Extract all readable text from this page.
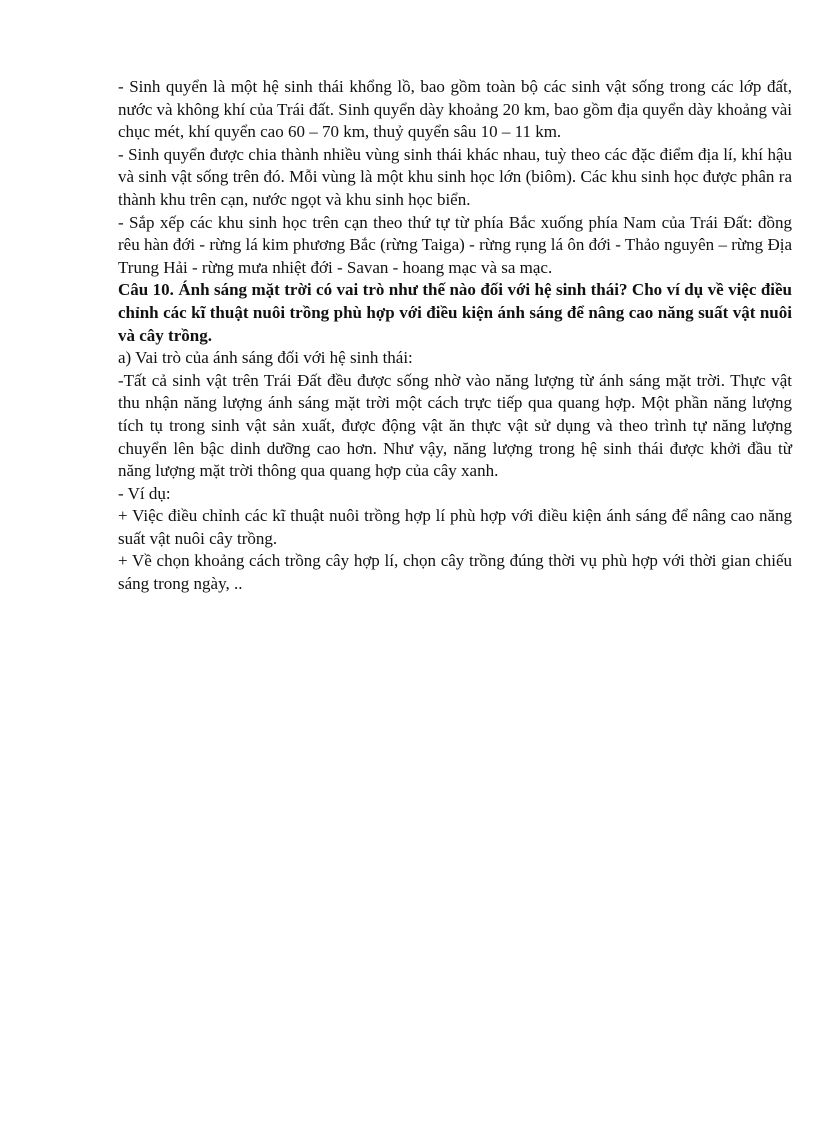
- Sinh quyển là một hệ sinh thái khổng lồ, bao gồm toàn bộ các sinh vật sống trong các lớp đất, nước và không khí của Trái đất. Sinh quyển dày khoảng 20 km, bao gồm địa quyển dày khoảng vài chục mét, khí quyển cao 60 – 70 km, thuỷ quyển sâu 10 – 11 km.

- Sinh quyển được chia thành nhiều vùng sinh thái khác nhau, tuỳ theo các đặc điểm địa lí, khí hậu và sinh vật sống trên đó. Mỗi vùng là một khu sinh học lớn (biôm). Các khu sinh học được phân ra thành khu trên cạn, nước ngọt và khu sinh học biển.

- Sắp xếp các khu sinh học trên cạn theo thứ tự từ phía Bắc xuống phía Nam của Trái Đất: đồng rêu hàn đới - rừng lá kim phương Bắc (rừng Taiga) - rừng rụng lá ôn đới - Thảo nguyên – rừng Địa Trung Hải - rừng mưa nhiệt đới - Savan - hoang mạc và sa mạc.

Câu 10. Ánh sáng mặt trời có vai trò như thế nào đối với hệ sinh thái? Cho ví dụ về việc điều chỉnh các kĩ thuật nuôi trồng phù hợp với điều kiện ánh sáng để nâng cao năng suất vật nuôi và cây trồng.

a) Vai trò của ánh sáng đối với hệ sinh thái:

-Tất cả sinh vật trên Trái Đất đều được sống nhờ vào năng lượng từ ánh sáng mặt trời. Thực vật thu nhận năng lượng ánh sáng mặt trời một cách trực tiếp qua quang hợp. Một phần năng lượng tích tụ trong sinh vật sản xuất, được động vật ăn thực vật sử dụng và theo trình tự năng lượng chuyển lên bậc dinh dưỡng cao hơn. Như vậy, năng lượng trong hệ sinh thái được khởi đầu từ năng lượng mặt trời thông qua quang hợp của cây xanh.

- Ví dụ:

+ Việc điều chỉnh các kĩ thuật nuôi trồng hợp lí phù hợp với điều kiện ánh sáng để nâng cao năng suất vật nuôi cây trồng.

+ Về chọn khoảng cách trồng cây hợp lí, chọn cây trồng đúng thời vụ phù hợp với thời gian chiếu sáng trong ngày, ..
